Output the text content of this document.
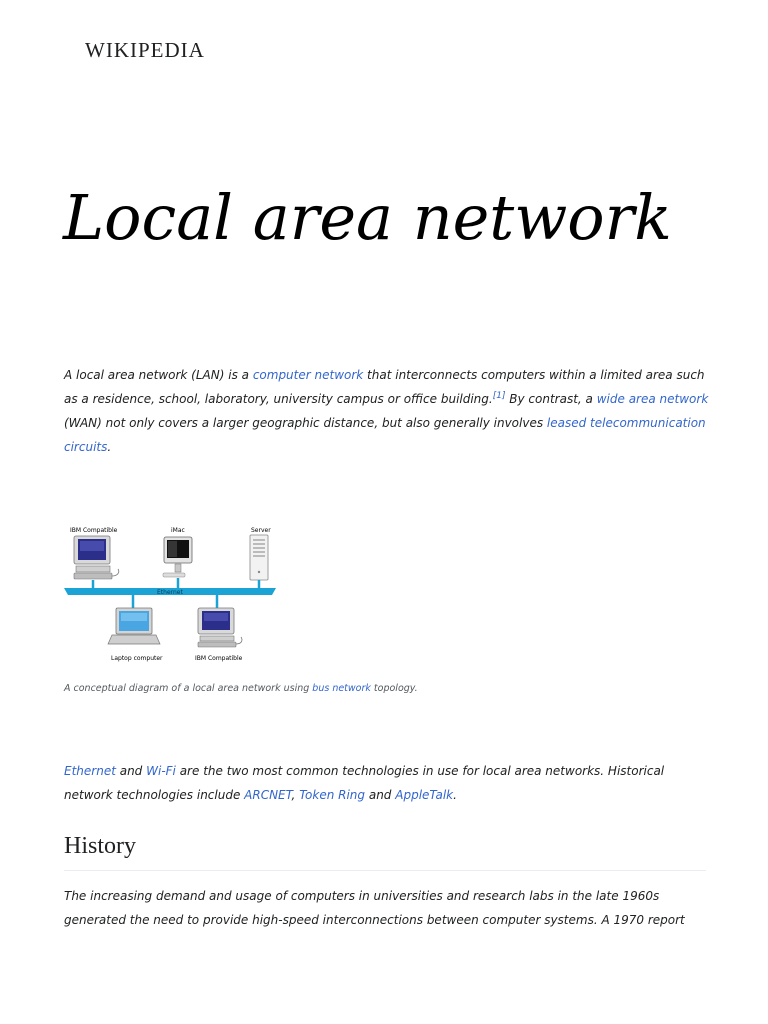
WIKIPEDIA
Local area network

A local area network (LAN) is a computer network that interconnects computers within a limited area such as a residence, school, laboratory, university campus or office building.[1] By contrast, a wide area network (WAN) not only covers a larger geographic distance, but also generally involves leased telecommunication circuits.

IBM Compatible	iMac	Server
Ethernet
Laptop computer	IBM Compatible

A conceptual diagram of a local area network using bus network topology.

Ethernet and Wi-Fi are the two most common technologies in use for local area networks. Historical network technologies include ARCNET, Token Ring and AppleTalk.

History

The increasing demand and usage of computers in universities and research labs in the late 1960s generated the need to provide high-speed interconnections between computer systems. A 1970 report
